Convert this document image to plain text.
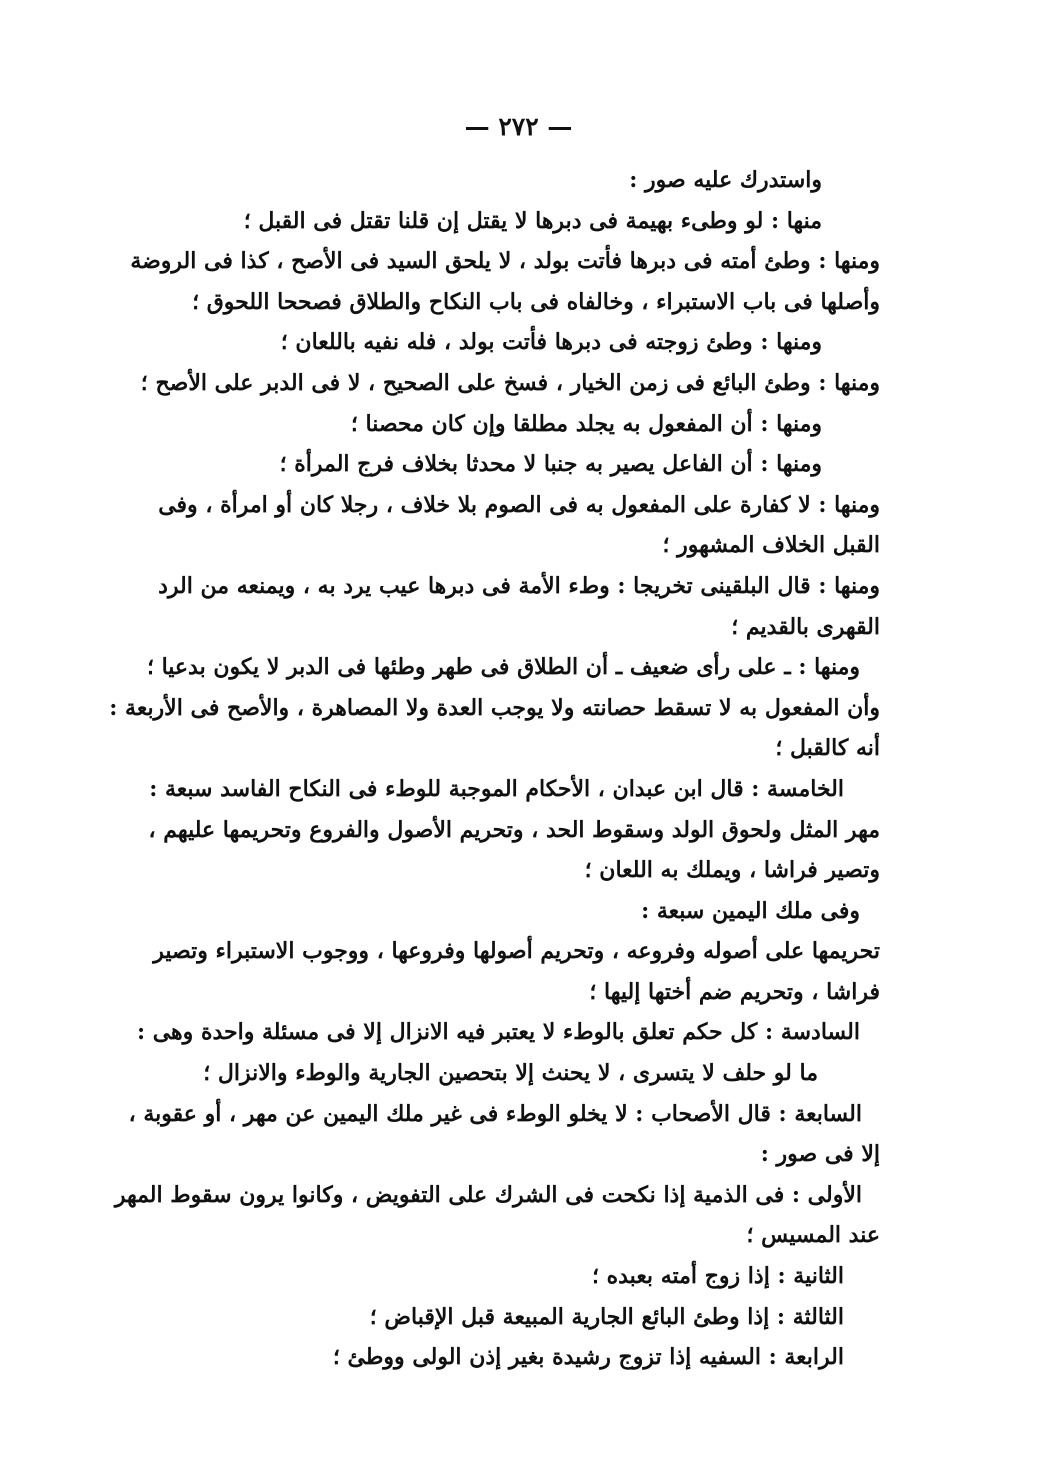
— ٢٧٢ —
واستدرك عليه صور :
منها : لو وطىء بهيمة فى دبرها لا يقتل إن قلنا تقتل فى القبل ؛
ومنها : وطئ أمته فى دبرها فأتت بولد ، لا يلحق السيد فى الأصح ، كذا فى الروضة
وأصلها فى باب الاستبراء ، وخالفاه فى باب النكاح والطلاق فصححا اللحوق ؛
ومنها : وطئ زوجته فى دبرها فأتت بولد ، فله نفيه باللعان ؛
ومنها : وطئ البائع فى زمن الخيار ، فسخ على الصحيح ، لا فى الدبر على الأصح ؛
ومنها : أن المفعول به يجلد مطلقا وإن كان محصنا ؛
ومنها : أن الفاعل يصير به جنبا لا محدثا بخلاف فرج المرأة ؛
ومنها : لا كفارة على المفعول به فى الصوم بلا خلاف ، رجلا كان أو امرأة ، وفى
القبل الخلاف المشهور ؛
ومنها : قال البلقينى تخريجا : وطء الأمة فى دبرها عيب يرد به ، ويمنعه من الرد
القهرى بالقديم ؛
ومنها : ـ على رأى ضعيف ـ أن الطلاق فى طهر وطئها فى الدبر لا يكون بدعيا ؛
وأن المفعول به لا تسقط حصانته ولا يوجب العدة ولا المصاهرة ، والأصح فى الأربعة :
أنه كالقبل ؛
الخامسة : قال ابن عبدان ، الأحكام الموجبة للوطء فى النكاح الفاسد سبعة :
مهر المثل ولحوق الولد وسقوط الحد ، وتحريم الأصول والفروع وتحريمها عليهم ،
وتصير فراشا ، ويملك به اللعان ؛
وفى ملك اليمين سبعة :
تحريمها على أصوله وفروعه ، وتحريم أصولها وفروعها ، ووجوب الاستبراء وتصير
فراشا ، وتحريم ضم أختها إليها ؛
السادسة : كل حكم تعلق بالوطء لا يعتبر فيه الانزال إلا فى مسئلة واحدة وهى :
ما لو حلف لا يتسرى ، لا يحنث إلا بتحصين الجارية والوطء والانزال ؛
السابعة : قال الأصحاب : لا يخلو الوطء فى غير ملك اليمين عن مهر ، أو عقوبة ،
إلا فى صور :
الأولى : فى الذمية إذا نكحت فى الشرك على التفويض ، وكانوا يرون سقوط المهر
عند المسيس ؛
الثانية : إذا زوج أمته بعبده ؛
الثالثة : إذا وطئ البائع الجارية المبيعة قبل الإقباض ؛
الرابعة : السفيه إذا تزوج رشيدة بغير إذن الولى ووطئ ؛
